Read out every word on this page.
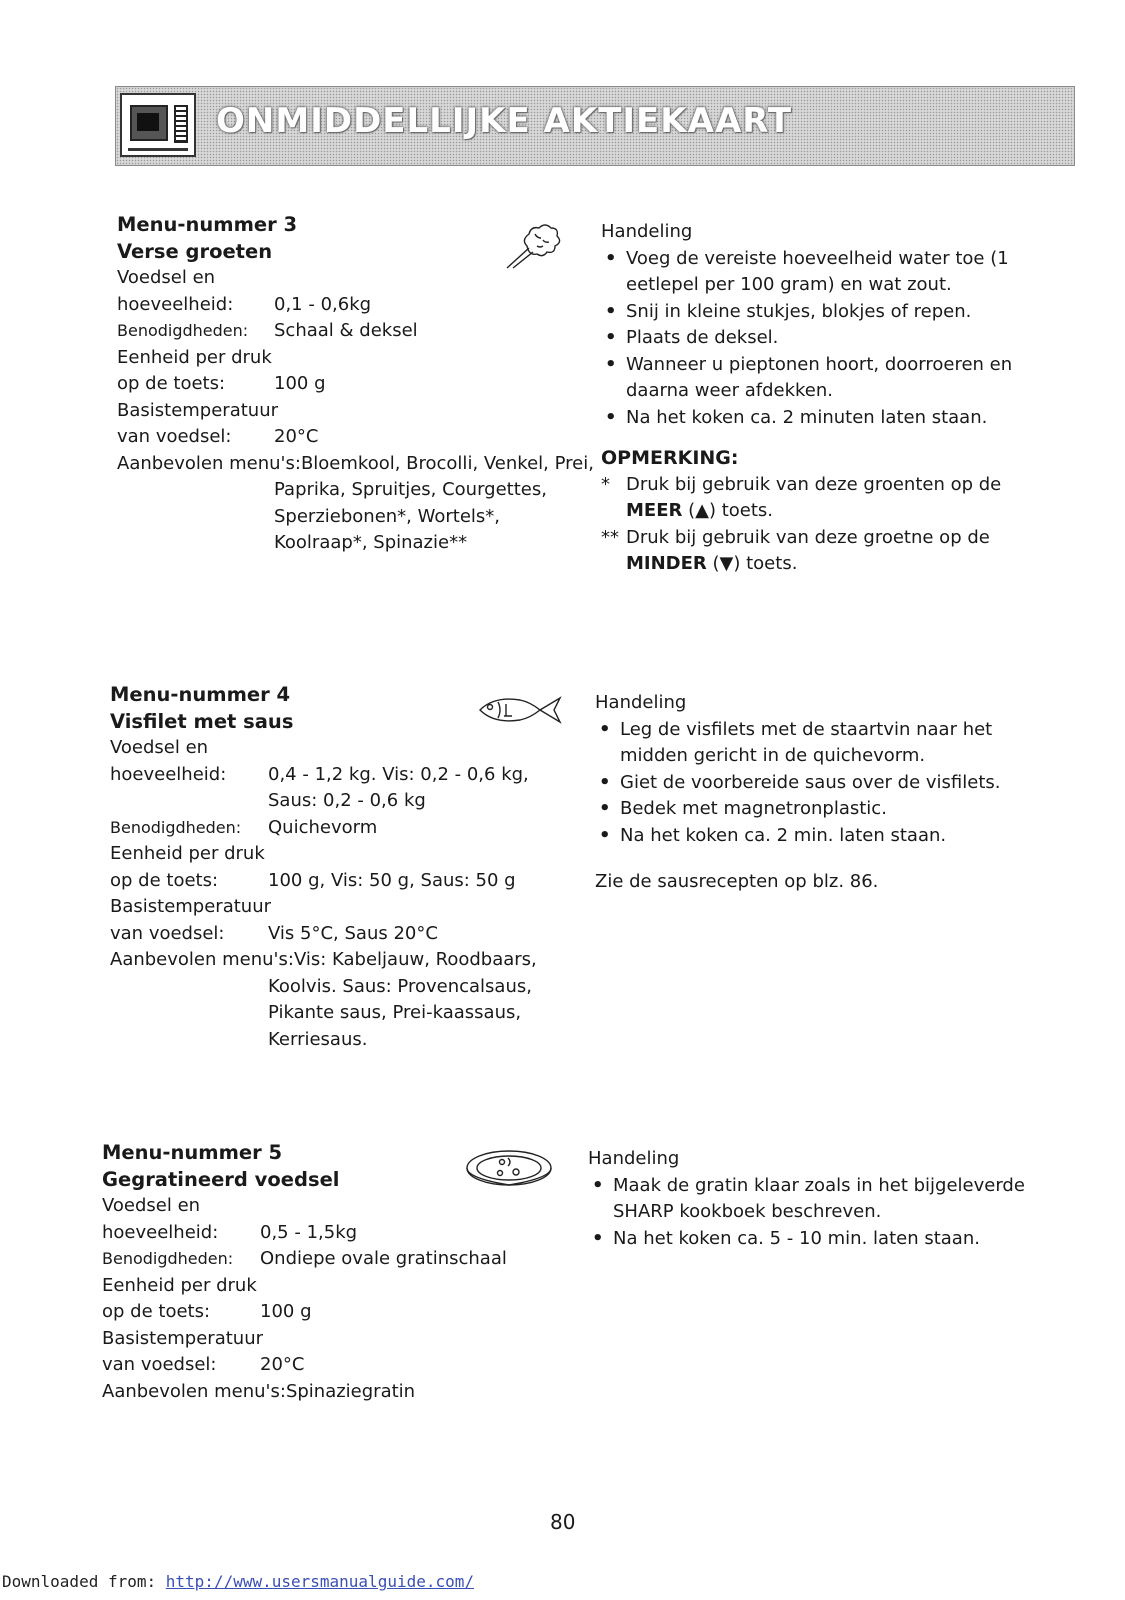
ONMIDDELLIJKE AKTIEKAART
Menu-nummer 3
Verse groeten
Voedsel en
hoeveelheid: 0,1 - 0,6kg
Benodigdheden: Schaal & deksel
Eenheid per druk
op de toets:	100 g
Basistemperatuur
van voedsel: 20°C
Aanbevolen menu's:Bloemkool, Brocolli, Venkel, Prei,
Paprika, Spruitjes, Courgettes,
Sperziebonen*, Wortels*,
Koolraap*, Spinazie**
Handeling
• Voeg de vereiste hoeveelheid water toe (1 eetlepel per 100 gram) en wat zout.
• Snij in kleine stukjes, blokjes of repen.
• Plaats de deksel.
• Wanneer u pieptonen hoort, doorroeren en daarna weer afdekken.
• Na het koken ca. 2 minuten laten staan.
OPMERKING:
* Druk bij gebruik van deze groenten op de MEER (▲) toets.
** Druk bij gebruik van deze groetne op de MINDER (▼) toets.
Menu-nummer 4
Visfilet met saus
Voedsel en
hoeveelheid: 0,4 - 1,2 kg. Vis: 0,2 - 0,6 kg,
Saus: 0,2 - 0,6 kg
Benodigdheden: Quichevorm
Eenheid per druk
op de toets:	100 g, Vis: 50 g, Saus: 50 g
Basistemperatuur
van voedsel: Vis 5°C, Saus 20°C
Aanbevolen menu's:Vis: Kabeljauw, Roodbaars,
Koolvis. Saus: Provencalsaus,
Pikante saus, Prei-kaassaus,
Kerriesaus.
Handeling
• Leg de visfilets met de staartvin naar het midden gericht in de quichevorm.
• Giet de voorbereide saus over de visfilets.
• Bedek met magnetronplastic.
• Na het koken ca. 2 min. laten staan.
Zie de sausrecepten op blz. 86.
Menu-nummer 5
Gegratineerd voedsel
Voedsel en
hoeveelheid: 0,5 - 1,5kg
Benodigdheden: Ondiepe ovale gratinschaal
Eenheid per druk
op de toets:	100 g
Basistemperatuur
van voedsel: 20°C
Aanbevolen menu's:Spinaziegratin
Handeling
• Maak de gratin klaar zoals in het bijgeleverde SHARP kookboek beschreven.
• Na het koken ca. 5 - 10 min. laten staan.
80
Downloaded from: http://www.usersmanualguide.com/
